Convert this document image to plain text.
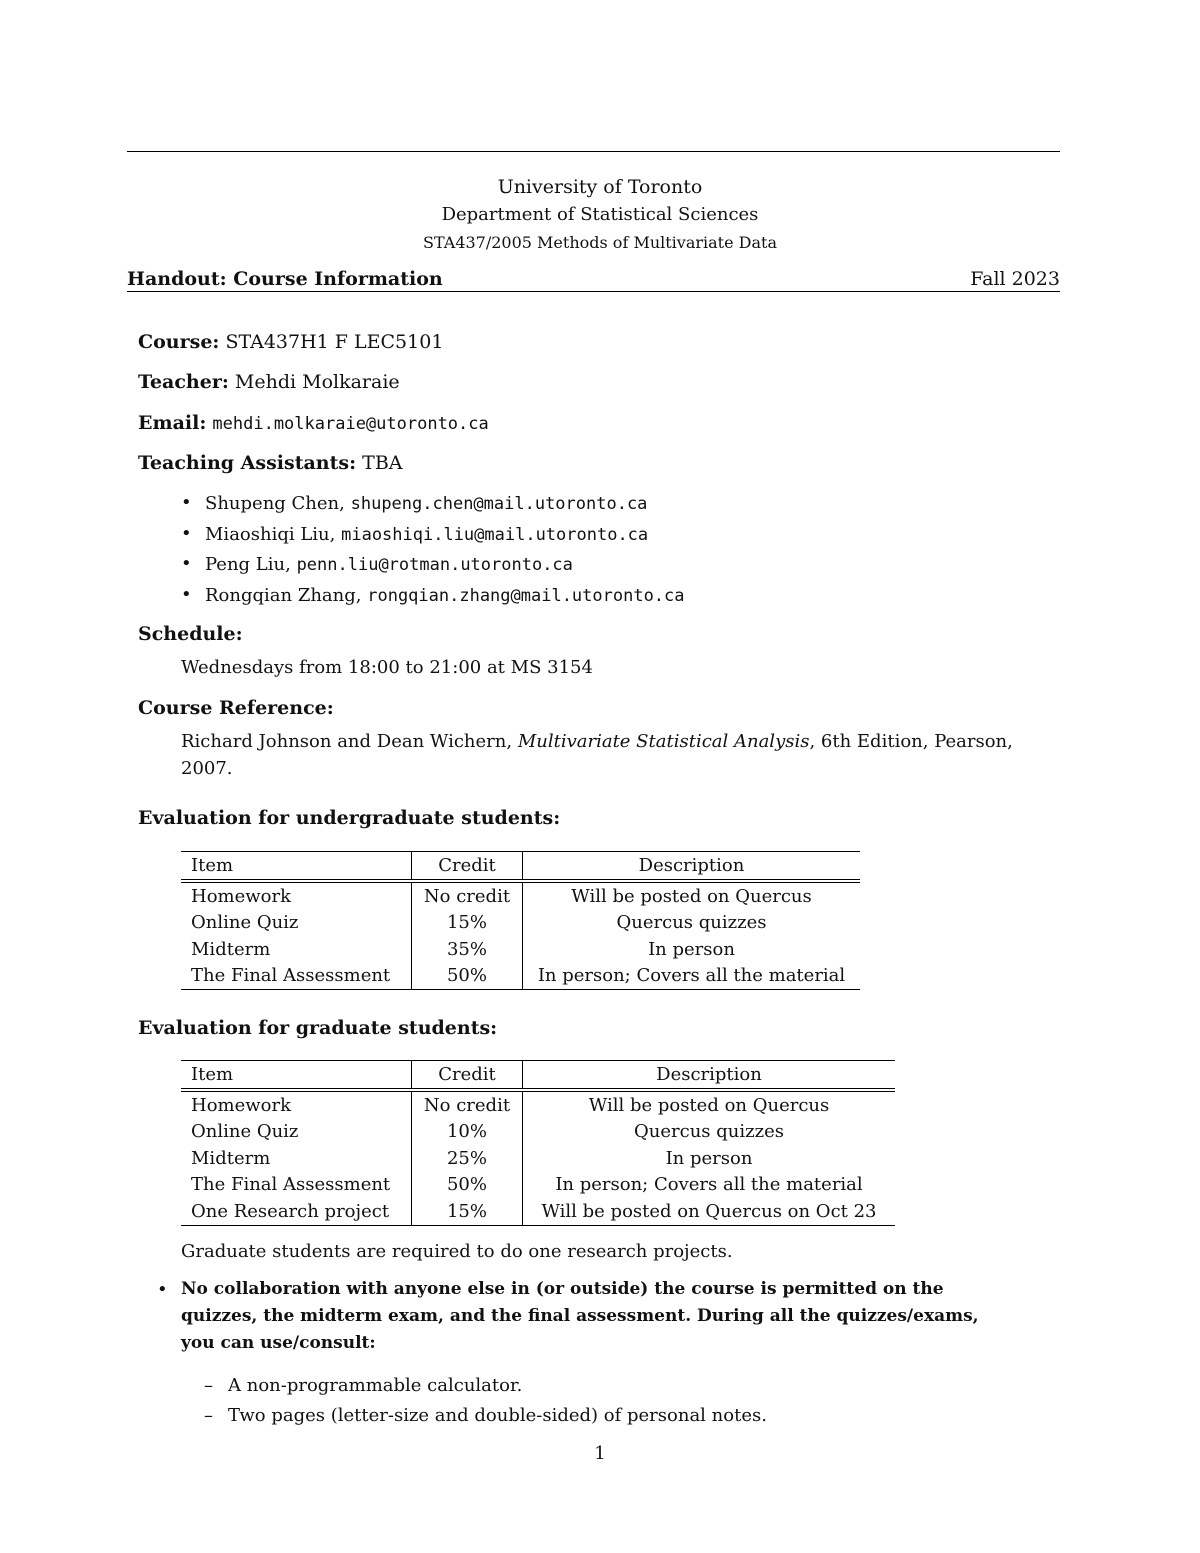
University of Toronto
Department of Statistical Sciences
STA437/2005 Methods of Multivariate Data
Handout: Course Information	Fall 2023
Course: STA437H1 F LEC5101
Teacher: Mehdi Molkaraie
Email: mehdi.molkaraie@utoronto.ca
Teaching Assistants: TBA
• Shupeng Chen, shupeng.chen@mail.utoronto.ca
• Miaoshiqi Liu, miaoshiqi.liu@mail.utoronto.ca
• Peng Liu, penn.liu@rotman.utoronto.ca
• Rongqian Zhang, rongqian.zhang@mail.utoronto.ca
Schedule:
Wednesdays from 18:00 to 21:00 at MS 3154
Course Reference:
Richard Johnson and Dean Wichern, Multivariate Statistical Analysis, 6th Edition, Pearson,
2007.
Evaluation for undergraduate students:
Item	Credit	Description
Homework	No credit	Will be posted on Quercus
Online Quiz	15%	Quercus quizzes
Midterm	35%	In person
The Final Assessment	50%	In person; Covers all the material
Evaluation for graduate students:
Item	Credit	Description
Homework	No credit	Will be posted on Quercus
Online Quiz	10%	Quercus quizzes
Midterm	25%	In person
The Final Assessment	50%	In person; Covers all the material
One Research project	15%	Will be posted on Quercus on Oct 23
Graduate students are required to do one research projects.
• No collaboration with anyone else in (or outside) the course is permitted on the
quizzes, the midterm exam, and the final assessment. During all the quizzes/exams,
you can use/consult:
– A non-programmable calculator.
– Two pages (letter-size and double-sided) of personal notes.
1
